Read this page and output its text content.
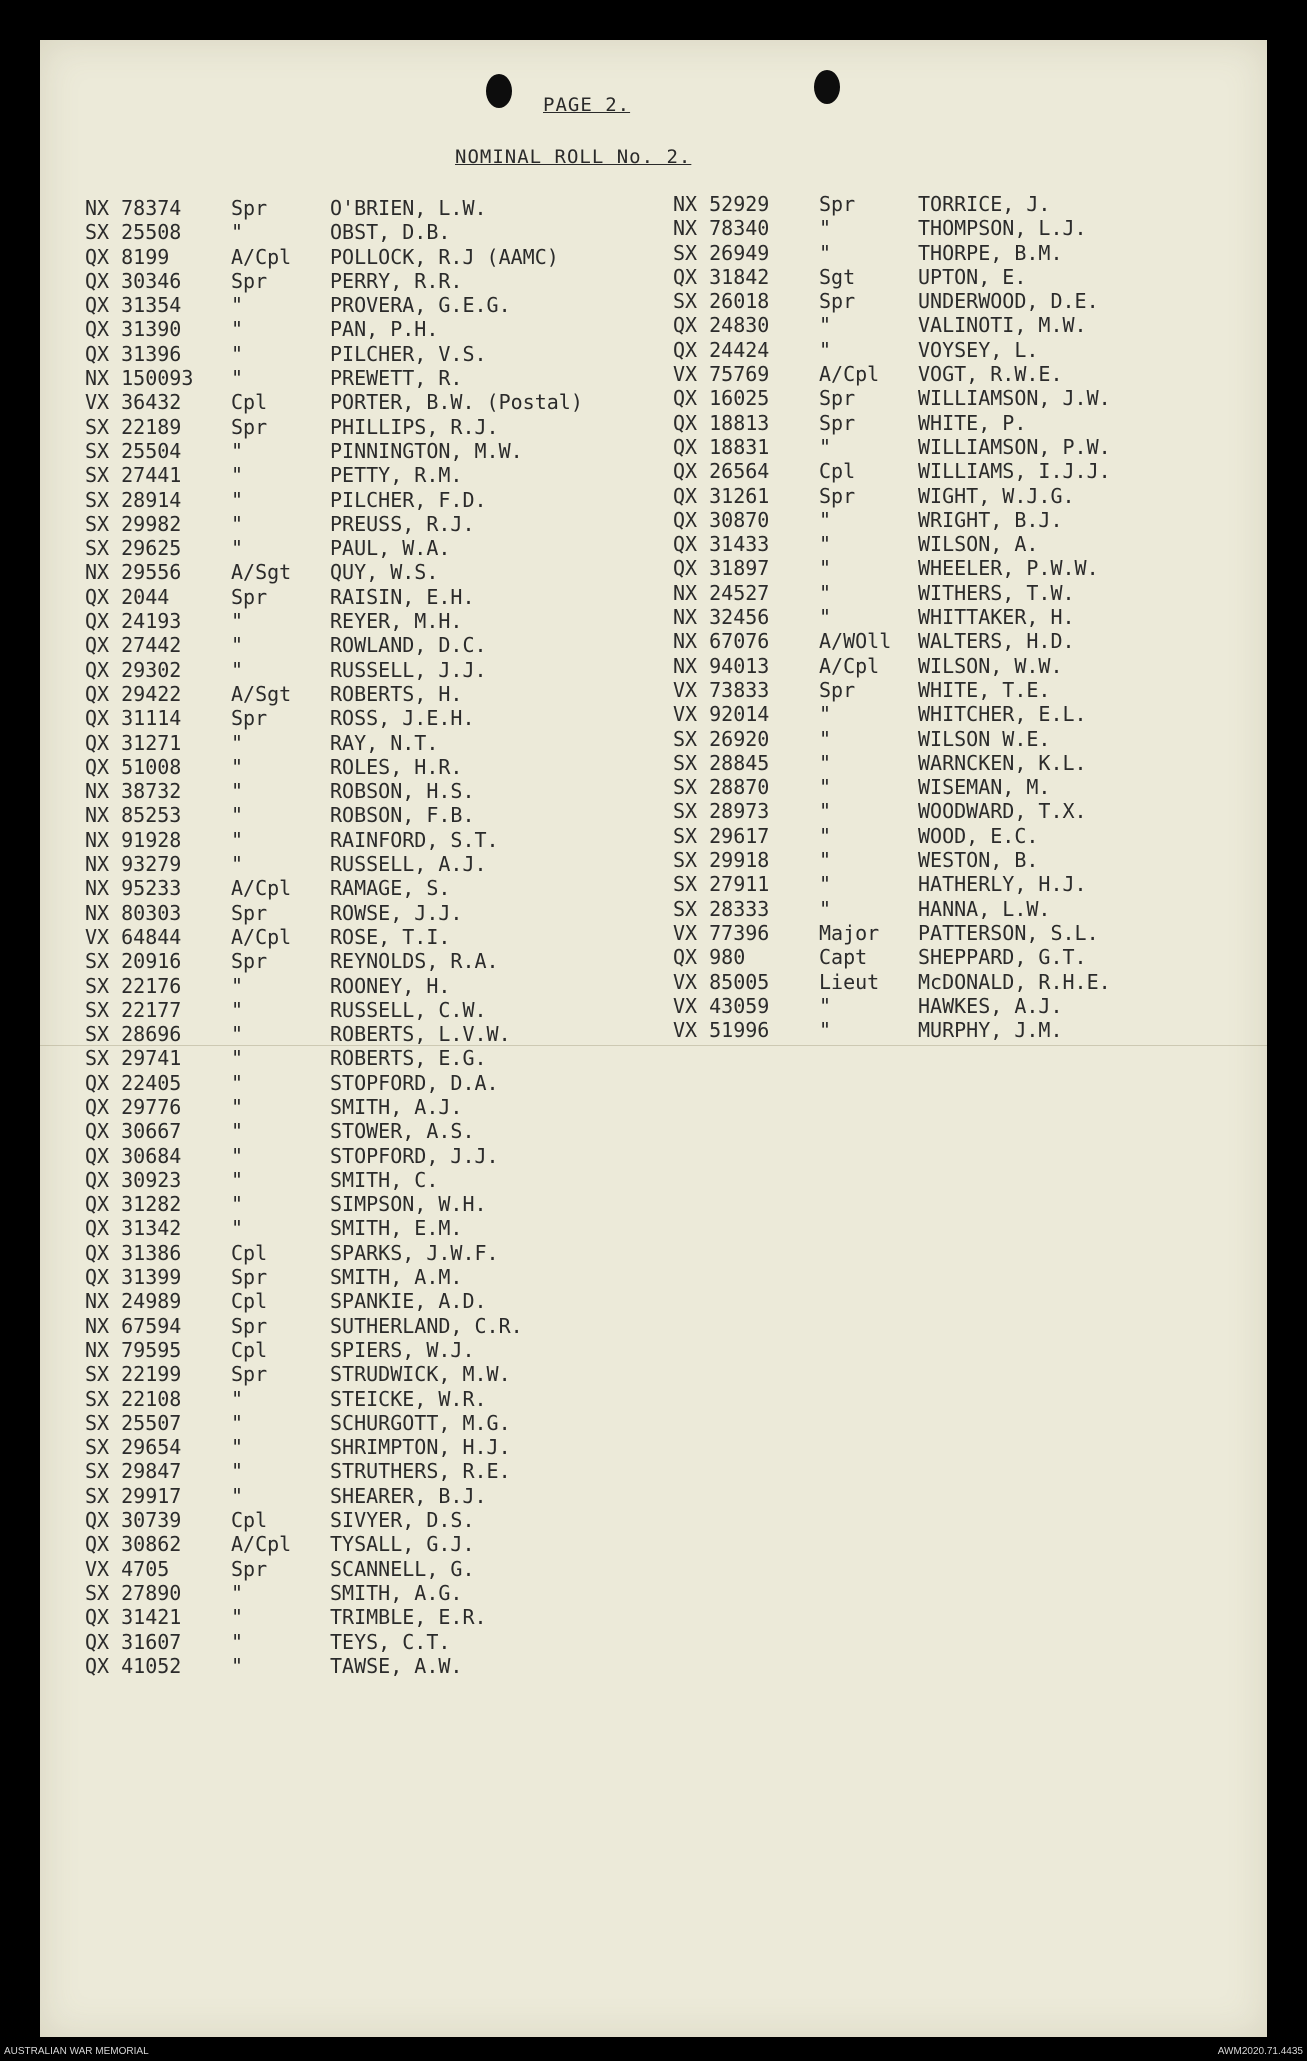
PAGE 2.
NOMINAL ROLL No. 2.
NX 78374 Spr	O'BRIEN, L.W.
SX 25508 "	OBST, D.B.
QX 8199	A/Cpl POLLOCK, R.J (AAMC)
QX 30346 Spr	PERRY, R.R.
QX 31354 "	PROVERA, G.E.G.
QX 31390 "	PAN, P.H.
QX 31396 "	PILCHER, V.S.
NX 150093 "	PREWETT, R.
VX 36432 Cpl	PORTER, B.W. (Postal)
SX 22189 Spr	PHILLIPS, R.J.
SX 25504 "	PINNINGTON, M.W.
SX 27441 "	PETTY, R.M.
SX 28914 "	PILCHER, F.D.
SX 29982 "	PREUSS, R.J.
SX 29625 "	PAUL, W.A.
NX 29556 A/Sgt QUY, W.S.
QX 2044	Spr	RAISIN, E.H.
QX 24193 "	REYER, M.H.
QX 27442 "	ROWLAND, D.C.
QX 29302 "	RUSSELL, J.J.
QX 29422 A/Sgt ROBERTS, H.
QX 31114 Spr	ROSS, J.E.H.
QX 31271 "	RAY, N.T.
QX 51008 "	ROLES, H.R.
NX 38732 "	ROBSON, H.S.
NX 85253 "	ROBSON, F.B.
NX 91928 "	RAINFORD, S.T.
NX 93279 "	RUSSELL, A.J.
NX 95233 A/Cpl RAMAGE, S.
NX 80303 Spr	ROWSE, J.J.
VX 64844 A/Cpl ROSE, T.I.
SX 20916 Spr	REYNOLDS, R.A.
SX 22176 "	ROONEY, H.
SX 22177 "	RUSSELL, C.W.
SX 28696 "	ROBERTS, L.V.W.
SX 29741 "	ROBERTS, E.G.
QX 22405 "	STOPFORD, D.A.
QX 29776 "	SMITH, A.J.
QX 30667 "	STOWER, A.S.
QX 30684 "	STOPFORD, J.J.
QX 30923 "	SMITH, C.
QX 31282 "	SIMPSON, W.H.
QX 31342 "	SMITH, E.M.
QX 31386 Cpl	SPARKS, J.W.F.
QX 31399 Spr	SMITH, A.M.
NX 24989 Cpl	SPANKIE, A.D.
NX 67594 Spr	SUTHERLAND, C.R.
NX 79595 Cpl	SPIERS, W.J.
SX 22199 Spr	STRUDWICK, M.W.
SX 22108 "	STEICKE, W.R.
SX 25507 "	SCHURGOTT, M.G.
SX 29654 "	SHRIMPTON, H.J.
SX 29847 "	STRUTHERS, R.E.
SX 29917 "	SHEARER, B.J.
QX 30739 Cpl	SIVYER, D.S.
QX 30862 A/Cpl TYSALL, G.J.
VX 4705	Spr	SCANNELL, G.
SX 27890 "	SMITH, A.G.
QX 31421 "	TRIMBLE, E.R.
QX 31607 "	TEYS, C.T.
QX 41052 "	TAWSE, A.W.
NX 52929 Spr	TORRICE, J.
NX 78340 "	THOMPSON, L.J.
SX 26949 "	THORPE, B.M.
QX 31842 Sgt	UPTON, E.
SX 26018 Spr	UNDERWOOD, D.E.
QX 24830 "	VALINOTI, M.W.
QX 24424 "	VOYSEY, L.
VX 75769 A/Cpl VOGT, R.W.E.
QX 16025 Spr	WILLIAMSON, J.W.
QX 18813 Spr	WHITE, P.
QX 18831 "	WILLIAMSON, P.W.
QX 26564 Cpl	WILLIAMS, I.J.J.
QX 31261 Spr	WIGHT, W.J.G.
QX 30870 "	WRIGHT, B.J.
QX 31433 "	WILSON, A.
QX 31897 "	WHEELER, P.W.W.
NX 24527 "	WITHERS, T.W.
NX 32456 "	WHITTAKER, H.
NX 67076 A/WOll WALTERS, H.D.
NX 94013 A/Cpl WILSON, W.W.
VX 73833 Spr	WHITE, T.E.
VX 92014 "	WHITCHER, E.L.
SX 26920 "	WILSON W.E.
SX 28845 "	WARNCKEN, K.L.
SX 28870 "	WISEMAN, M.
SX 28973 "	WOODWARD, T.X.
SX 29617 "	WOOD, E.C.
SX 29918 "	WESTON, B.
SX 27911 "	HATHERLY, H.J.
SX 28333 "	HANNA, L.W.
VX 77396 Major PATTERSON, S.L.
QX 980	Capt	SHEPPARD, G.T.
VX 85005 Lieut McDONALD, R.H.E.
VX 43059 "	HAWKES, A.J.
VX 51996 "	MURPHY, J.M.
AUSTRALIAN WAR MEMORIAL	AWM2020.71.4435
